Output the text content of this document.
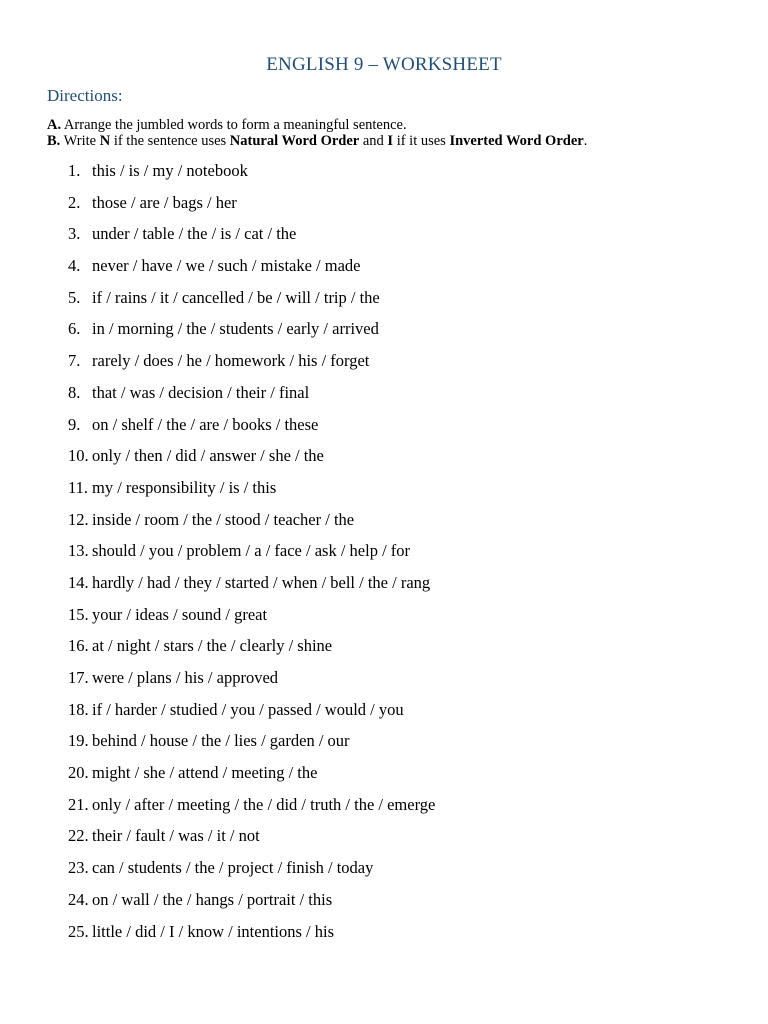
ENGLISH 9 – WORKSHEET
Directions:
A. Arrange the jumbled words to form a meaningful sentence.
B. Write N if the sentence uses Natural Word Order and I if it uses Inverted Word Order.
1. this / is / my / notebook
2. those / are / bags / her
3. under / table / the / is / cat / the
4. never / have / we / such / mistake / made
5. if / rains / it / cancelled / be / will / trip / the
6. in / morning / the / students / early / arrived
7. rarely / does / he / homework / his / forget
8. that / was / decision / their / final
9. on / shelf / the / are / books / these
10. only / then / did / answer / she / the
11. my / responsibility / is / this
12. inside / room / the / stood / teacher / the
13. should / you / problem / a / face / ask / help / for
14. hardly / had / they / started / when / bell / the / rang
15. your / ideas / sound / great
16. at / night / stars / the / clearly / shine
17. were / plans / his / approved
18. if / harder / studied / you / passed / would / you
19. behind / house / the / lies / garden / our
20. might / she / attend / meeting / the
21. only / after / meeting / the / did / truth / the / emerge
22. their / fault / was / it / not
23. can / students / the / project / finish / today
24. on / wall / the / hangs / portrait / this
25. little / did / I / know / intentions / his
